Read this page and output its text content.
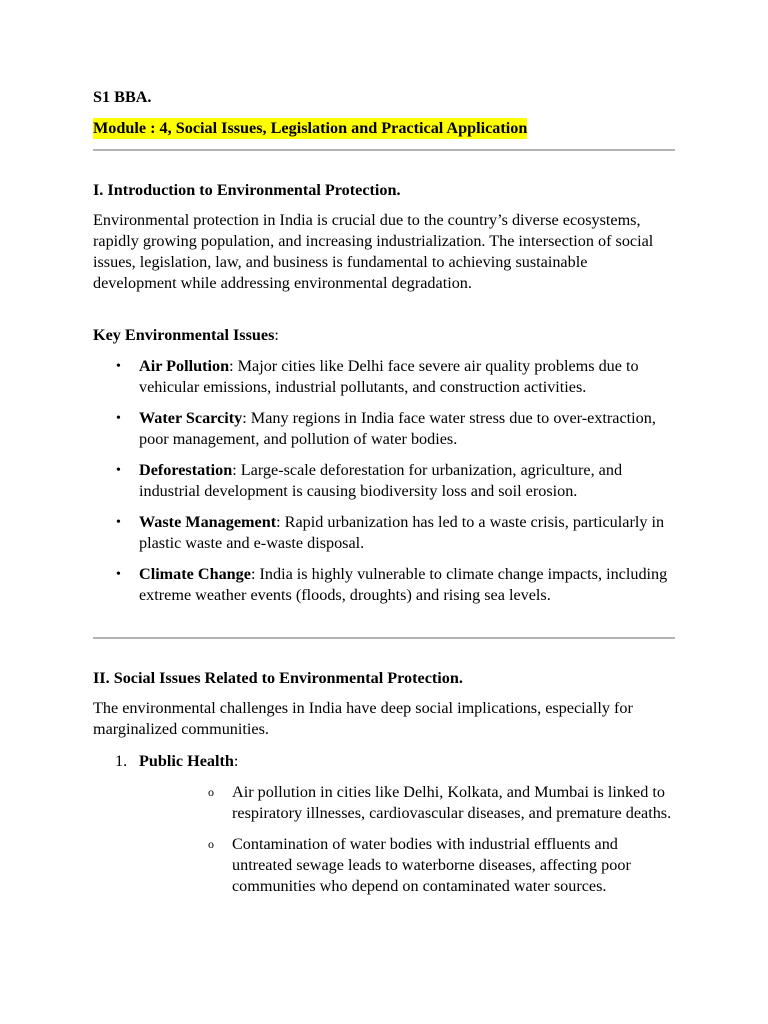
S1 BBA.
Module : 4, Social Issues, Legislation and Practical Application
I. Introduction to Environmental Protection.

Environmental protection in India is crucial due to the country’s diverse ecosystems, rapidly growing population, and increasing industrialization. The intersection of social issues, legislation, law, and business is fundamental to achieving sustainable development while addressing environmental degradation.

Key Environmental Issues:
• Air Pollution: Major cities like Delhi face severe air quality problems due to vehicular emissions, industrial pollutants, and construction activities.
• Water Scarcity: Many regions in India face water stress due to over-extraction, poor management, and pollution of water bodies.
• Deforestation: Large-scale deforestation for urbanization, agriculture, and industrial development is causing biodiversity loss and soil erosion.
• Waste Management: Rapid urbanization has led to a waste crisis, particularly in plastic waste and e-waste disposal.
• Climate Change: India is highly vulnerable to climate change impacts, including extreme weather events (floods, droughts) and rising sea levels.
II. Social Issues Related to Environmental Protection.

The environmental challenges in India have deep social implications, especially for marginalized communities.

1. Public Health:
o Air pollution in cities like Delhi, Kolkata, and Mumbai is linked to respiratory illnesses, cardiovascular diseases, and premature deaths.
o Contamination of water bodies with industrial effluents and untreated sewage leads to waterborne diseases, affecting poor communities who depend on contaminated water sources.
